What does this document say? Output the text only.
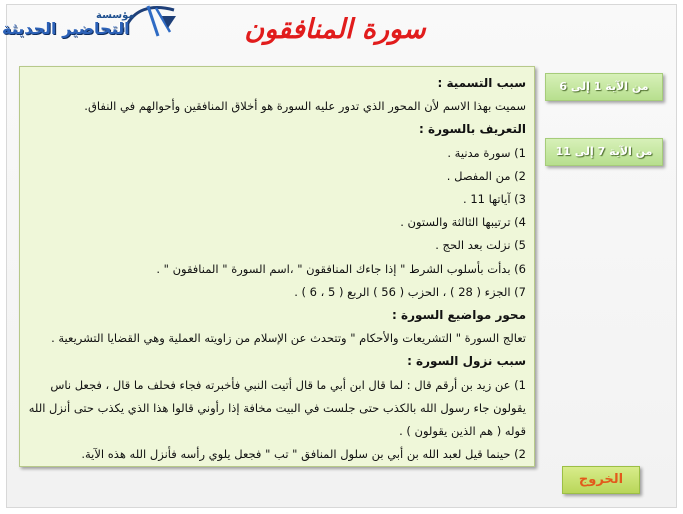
مؤسسة
التحاضير الحديثة	سورة المنافقون
سبب التسمية :
سميت بهذا الاسم لأن المحور الذي تدور عليه السورة هو أخلاق المنافقين وأحوالهم في النفاق.
التعريف بالسورة :
1) سورة مدنية .
2) من المفصل .
3) آياتها 11 .
4) ترتيبها الثالثة والستون .
5) نزلت بعد الحج .
6) بدأت بأسلوب الشرط " إذا جاءك المنافقون " ،اسم السورة " المنافقون " .
7) الجزء ( 28 ) ، الحزب ( 56 ) الربع ( 5 ، 6 ) .
محور مواضيع السورة :
تعالج السورة " التشريعات والأحكام " وتتحدث عن الإسلام من زاويته العملية وهي القضايا التشريعية .
سبب نزول السورة :
1) عن زيد بن أرقم قال : لما قال ابن أبي ما قال أتيت النبي فأخبرته فجاء فحلف ما قال ، فجعل ناس
يقولون جاء رسول الله بالكذب حتى جلست في البيت مخافة إذا رأوني قالوا هذا الذي يكذب حتى أنزل الله
قوله ( هم الذين يقولون ) .
2) حينما قيل لعبد الله بن أبي بن سلول المنافق " تب " فجعل يلوي رأسه فأنزل الله هذه الآية.
من الآية 1 إلى 6
من الآية 7 إلى 11
الخروج
